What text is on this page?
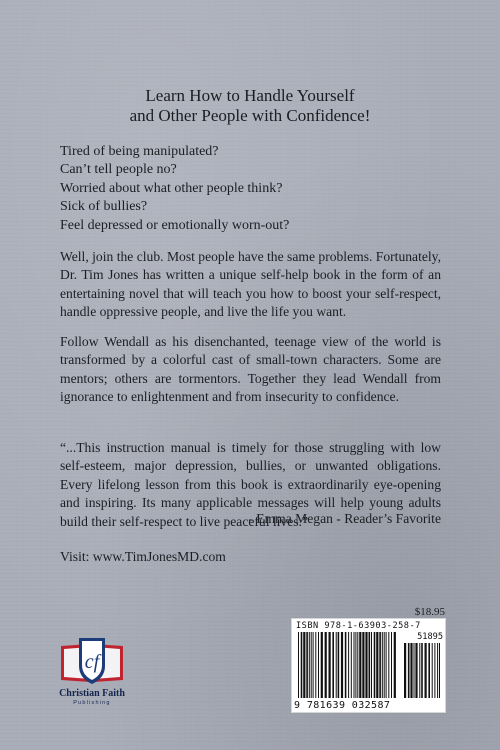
Learn How to Handle Yourself
and Other People with Confidence!
Tired of being manipulated?
Can’t tell people no?
Worried about what other people think?
Sick of bullies?
Feel depressed or emotionally worn-out?

Well, join the club. Most people have the same problems. Fortunately, Dr. Tim Jones has written a unique self-help book in the form of an entertaining novel that will teach you how to boost your self-respect, handle oppressive people, and live the life you want.

Follow Wendall as his disenchanted, teenage view of the world is transformed by a colorful cast of small-town characters. Some are mentors; others are tormentors. Together they lead Wendall from ignorance to enlightenment and from insecurity to confidence.

“...This instruction manual is timely for those struggling with low self-esteem, major depression, bullies, or unwanted obligations. Every lifelong lesson from this book is extraordinarily eye-opening and inspiring. Its many applicable messages will help young adults build their self-respect to live peaceful lives.”

- Emma Megan - Reader’s Favorite
Visit: www.TimJonesMD.com
$18.95
ISBN 978-1-63903-258-7
51895
9 781639 032587
cf
Christian Faith
Publishing
